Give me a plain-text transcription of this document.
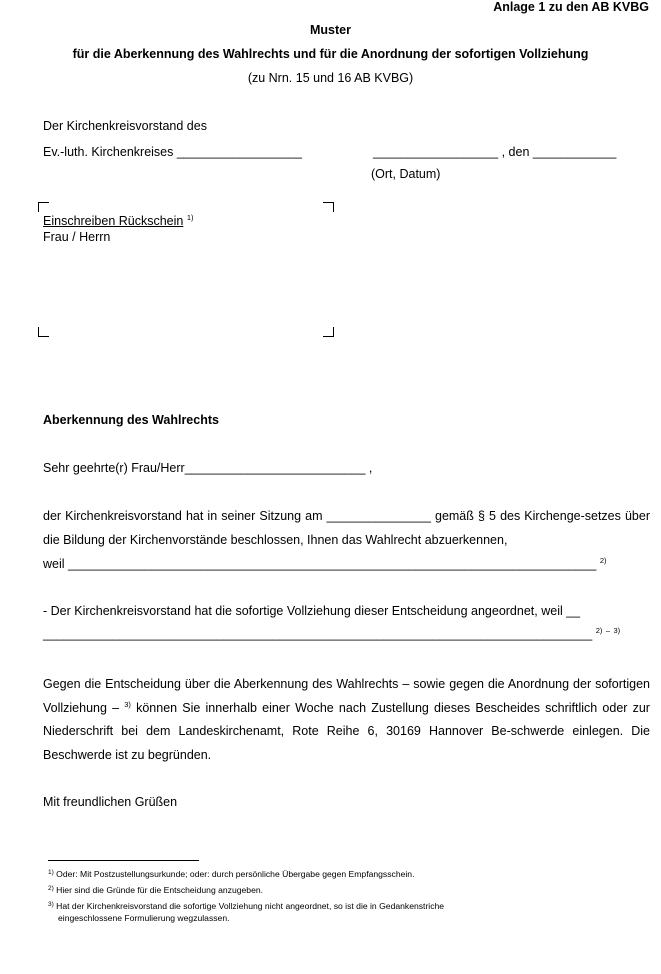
Anlage 1 zu den AB KVBG
Muster
für die Aberkennung des Wahlrechts und für die Anordnung der sofortigen Vollziehung
(zu Nrn. 15 und 16 AB KVBG)
Der Kirchenkreisvorstand des
Ev.-luth. Kirchenkreises __________________	__________________ , den ____________
(Ort, Datum)
Einschreiben Rückschein $^{1)}$
Frau / Herrn
Aberkennung des Wahlrechts
Sehr geehrte(r) Frau/Herr__________________________ ,
der Kirchenkreisvorstand hat in seiner Sitzung am _______________ gemäß § 5 des Kirchenge-setzes über die Bildung der Kirchenvorstände beschlossen, Ihnen das Wahlrecht abzuerkennen,
weil ____________________________________________________________________________ $^{2)}$
- Der Kirchenkreisvorstand hat die sofortige Vollziehung dieser Entscheidung angeordnet, weil __
_______________________________________________________________________________ $^{2)}$ – $^{3)}$
Gegen die Entscheidung über die Aberkennung des Wahlrechts – sowie gegen die Anordnung der sofortigen Vollziehung – $^{3)}$ können Sie innerhalb einer Woche nach Zustellung dieses Bescheides schriftlich oder zur Niederschrift bei dem Landeskirchenamt, Rote Reihe 6, 30169 Hannover Be-schwerde einlegen. Die Beschwerde ist zu begründen.
Mit freundlichen Grüßen
$^{1)}$ Oder: Mit Postzustellungsurkunde; oder: durch persönliche Übergabe gegen Empfangsschein.
$^{2)}$ Hier sind die Gründe für die Entscheidung anzugeben.
$^{3)}$ Hat der Kirchenkreisvorstand die sofortige Vollziehung nicht angeordnet, so ist die in Gedankenstriche
eingeschlossene Formulierung wegzulassen.
